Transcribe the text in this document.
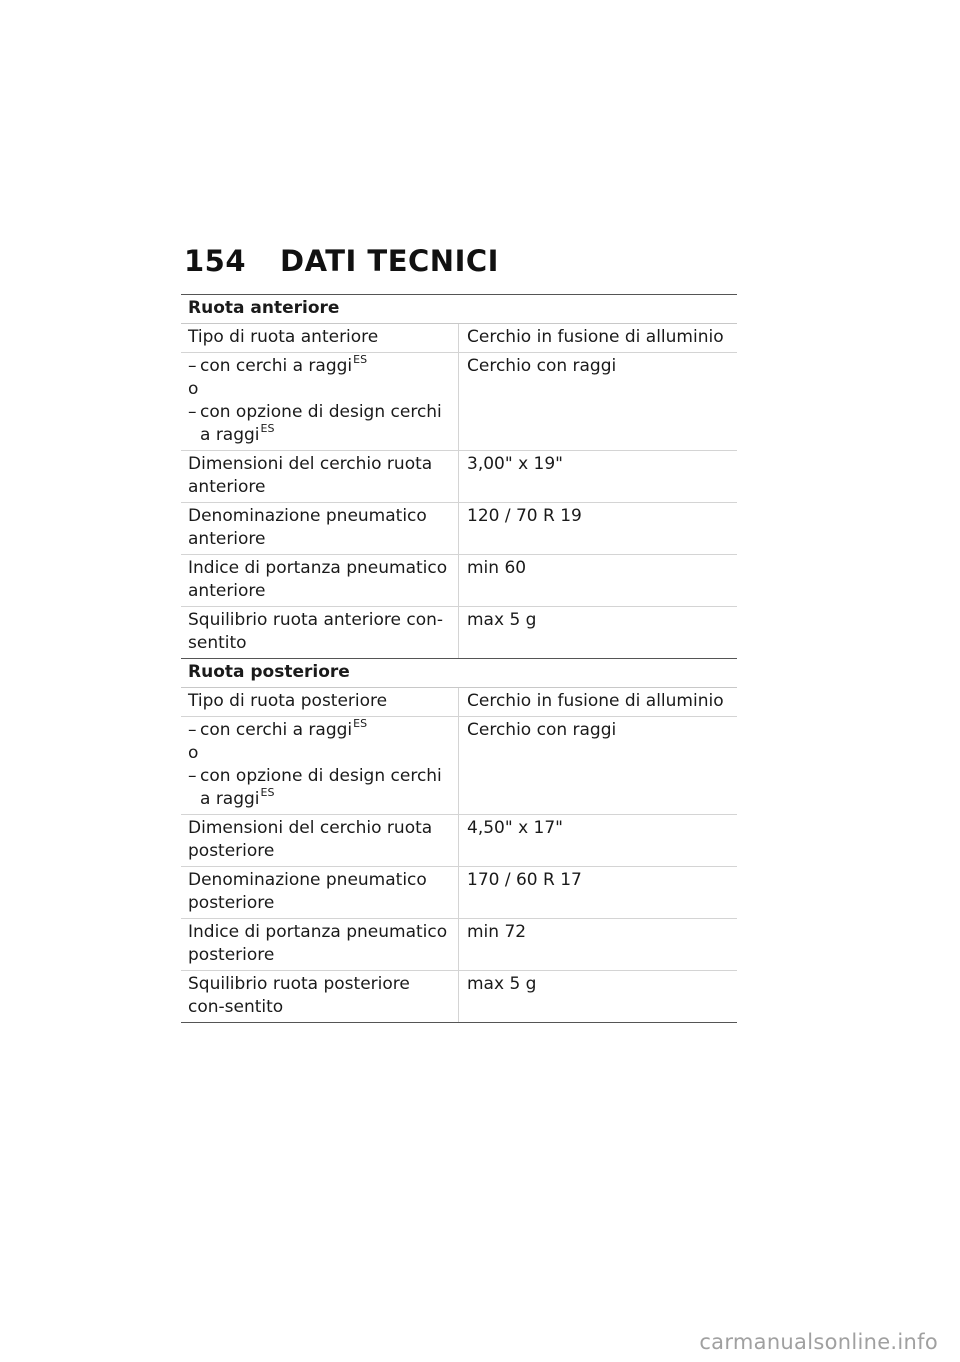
154 DATI TECNICI
Ruota anteriore
Tipo di ruota anteriore	Cerchio in fusione di alluminio
– con cerchi a raggi$^{ES}$
o
– con opzione di design cerchi a raggi$^{ES}$
Cerchio con raggi
Dimensioni del cerchio ruota anteriore
3,00" x 19"
Denominazione pneumatico anteriore
120 / 70 R 19
Indice di portanza pneumatico anteriore
min 60
Squilibrio ruota anteriore con-sentito
max 5 g
Ruota posteriore
Tipo di ruota posteriore	Cerchio in fusione di alluminio
– con cerchi a raggi$^{ES}$
o
– con opzione di design cerchi a raggi$^{ES}$
Cerchio con raggi
Dimensioni del cerchio ruota posteriore
4,50" x 17"
Denominazione pneumatico posteriore
170 / 60 R 17
Indice di portanza pneumatico posteriore
min 72
Squilibrio ruota posteriore con-sentito
max 5 g
carmanualsonline.info
